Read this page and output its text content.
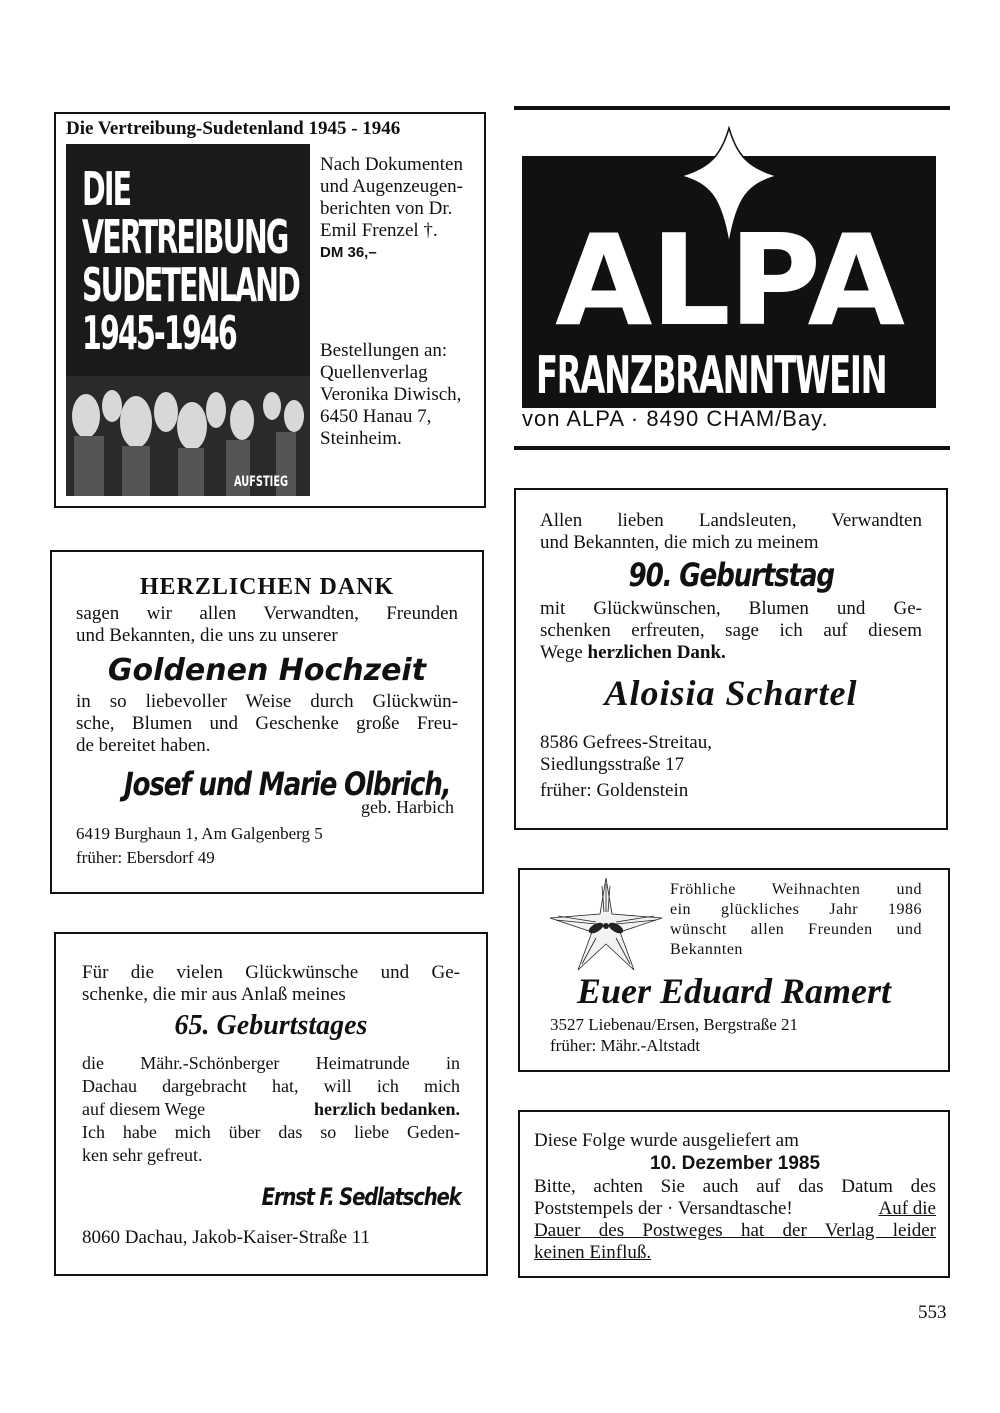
Die Vertreibung-Sudetenland 1945 - 1946
DIE
VERTREIBUNG
SUDETENLAND
1945-1946
AUFSTIEG

Nach Dokumenten

und Augenzeugen-

berichten von Dr.

Emil Frenzel †.

DM 36,–

Bestellungen an:

Quellenverlag

Veronika Diwisch,

6450 Hanau 7,

Steinheim.

ALPA
FRANZBRANNTWEIN
von ALPA · 8490 CHAM/Bay.
HERZLICHEN DANK

sagen wir allen Verwandten, Freunden

und Bekannten, die uns zu unserer

Goldenen Hochzeit

in so liebevoller Weise durch Glückwün-

sche, Blumen und Geschenke große Freu-

de bereitet haben.

Josef und Marie Olbrich,
geb. Harbich

6419 Burghaun 1, Am Galgenberg 5

früher: Ebersdorf 49

Allen lieben Landsleuten, Verwandten

und Bekannten, die mich zu meinem

90. Geburtstag

mit Glückwünschen, Blumen und Ge-

schenken erfreuten, sage ich auf diesem

Wege herzlichen Dank.

Aloisia Schartel

8586 Gefrees-Streitau,

Siedlungsstraße 17

früher: Goldenstein

Für die vielen Glückwünsche und Ge-

schenke, die mir aus Anlaß meines

65. Geburtstages

die Mähr.-Schönberger Heimatrunde in

Dachau dargebracht hat, will ich mich

auf diesem Wege	herzlich bedanken.

Ich habe mich über das so liebe Geden-

ken sehr gefreut.

Ernst F. Sedlatschek

8060 Dachau, Jakob-Kaiser-Straße 11

Fröhliche Weihnachten und

ein glückliches Jahr 1986

wünscht allen Freunden und

Bekannten

Euer Eduard Ramert

3527 Liebenau/Ersen, Bergstraße 21

früher: Mähr.-Altstadt

Diese Folge wurde ausgeliefert am

10. Dezember 1985

Bitte, achten Sie auch auf das Datum des

Poststempels der · Versandtasche!	Auf die

Dauer des Postweges hat der Verlag leider

keinen Einfluß.

553
